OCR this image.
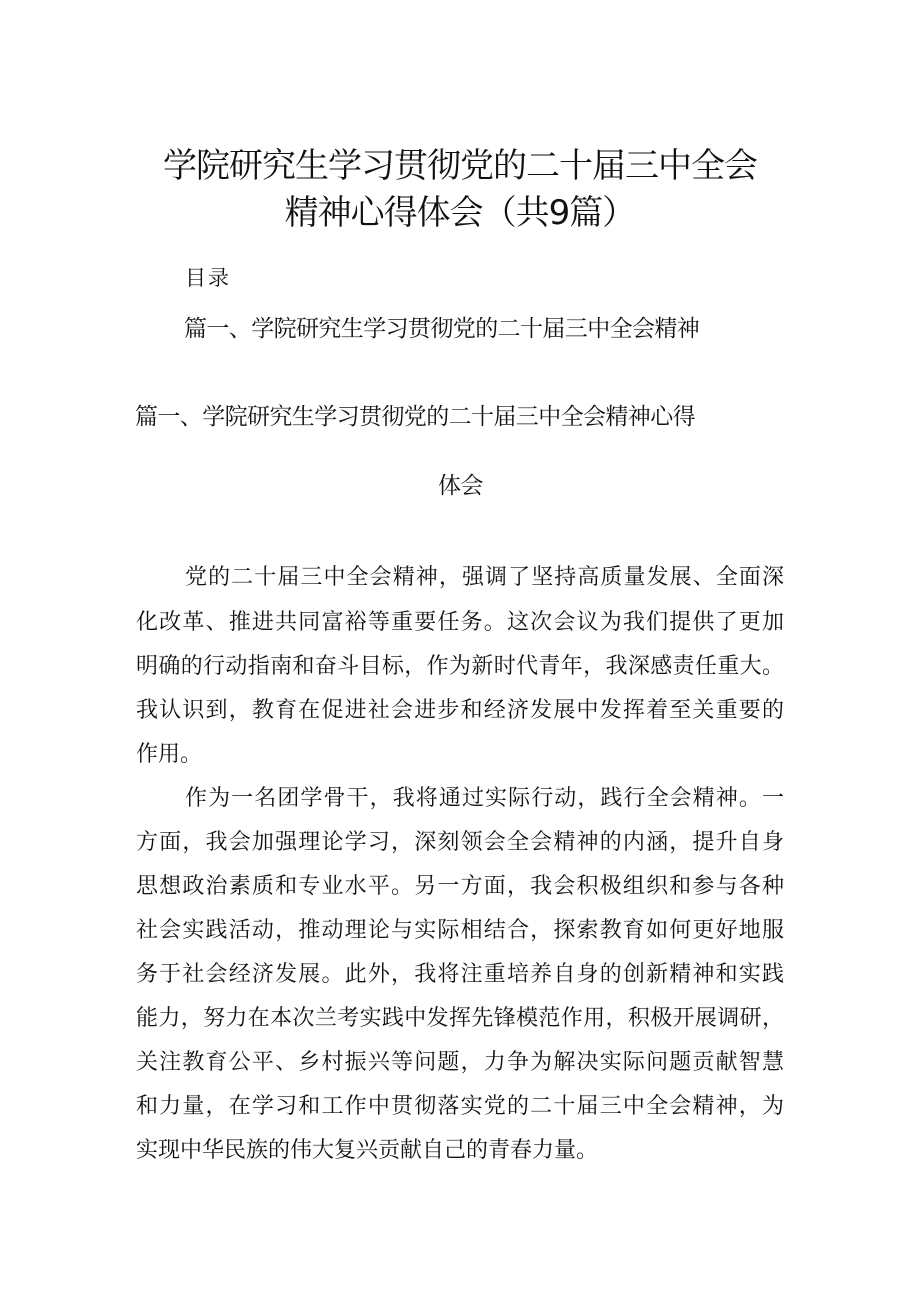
学院研究生学习贯彻党的二十届三中全会
精神心得体会（共9篇）
目录
篇一、学院研究生学习贯彻党的二十届三中全会精神
篇一、学院研究生学习贯彻党的二十届三中全会精神心得
体会
党的二十届三中全会精神，强调了坚持高质量发展、全面深
化改革、推进共同富裕等重要任务。这次会议为我们提供了更加
明确的行动指南和奋斗目标，作为新时代青年，我深感责任重大。
我认识到，教育在促进社会进步和经济发展中发挥着至关重要的
作用。
作为一名团学骨干，我将通过实际行动，践行全会精神。一
方面，我会加强理论学习，深刻领会全会精神的内涵，提升自身
思想政治素质和专业水平。另一方面，我会积极组织和参与各种
社会实践活动，推动理论与实际相结合，探索教育如何更好地服
务于社会经济发展。此外，我将注重培养自身的创新精神和实践
能力，努力在本次兰考实践中发挥先锋模范作用，积极开展调研，
关注教育公平、乡村振兴等问题，力争为解决实际问题贡献智慧
和力量，在学习和工作中贯彻落实党的二十届三中全会精神，为
实现中华民族的伟大复兴贡献自己的青春力量。
